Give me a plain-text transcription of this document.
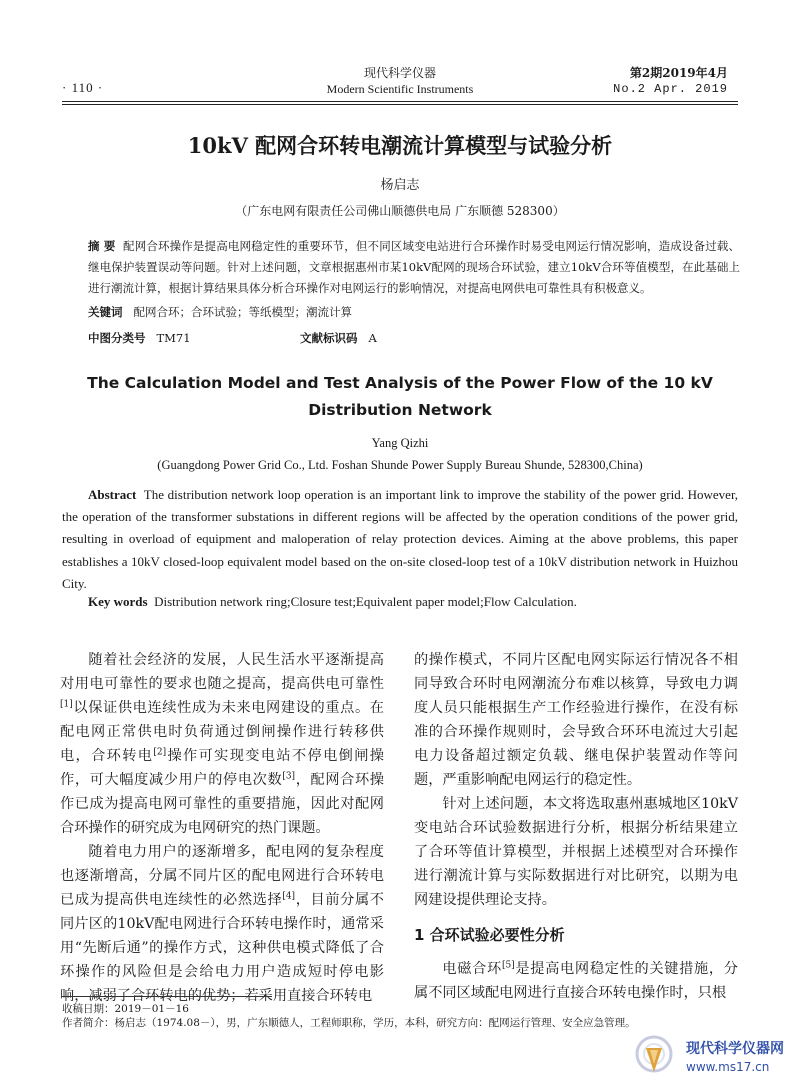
· 110 ·
现代科学仪器
Modern Scientific Instruments
第2期2019年4月
No.2 Apr. 2019
10kV 配网合环转电潮流计算模型与试验分析
杨启志
（广东电网有限责任公司佛山顺德供电局 广东顺德 528300）
摘 要 配网合环操作是提高电网稳定性的重要环节，但不同区域变电站进行合环操作时易受电网运行情况影响，造成设备过载、继电保护装置误动等问题。针对上述问题，文章根据惠州市某10kV配网的现场合环试验，建立10kV合环等值模型，在此基础上进行潮流计算，根据计算结果具体分析合环操作对电网运行的影响情况，对提高电网供电可靠性具有积极意义。
关键词 配网合环；合环试验；等纸模型；潮流计算
中图分类号 TM71	文献标识码 A
The Calculation Model and Test Analysis of the Power Flow of the 10 kV Distribution Network
Yang Qizhi
(Guangdong Power Grid Co., Ltd. Foshan Shunde Power Supply Bureau Shunde, 528300,China)
Abstract The distribution network loop operation is an important link to improve the stability of the power grid. However, the operation of the transformer substations in different regions will be affected by the operation conditions of the power grid, resulting in overload of equipment and maloperation of relay protection devices. Aiming at the above problems, this paper establishes a 10kV closed-loop equivalent model based on the on-site closed-loop test of a 10kV distribution network in Huizhou City.
Key words Distribution network ring;Closure test;Equivalent paper model;Flow Calculation.

随着社会经济的发展，人民生活水平逐渐提高对用电可靠性的要求也随之提高，提高供电可靠性[1]以保证供电连续性成为未来电网建设的重点。在配电网正常供电时负荷通过倒闸操作进行转移供电，合环转电[2]操作可实现变电站不停电倒闸操作，可大幅度减少用户的停电次数[3]，配网合环操作已成为提高电网可靠性的重要措施，因此对配网合环操作的研究成为电网研究的热门课题。

随着电力用户的逐渐增多，配电网的复杂程度也逐渐增高，分属不同片区的配电网进行合环转电已成为提高供电连续性的必然选择[4]，目前分属不同片区的10kV配电网进行合环转电操作时，通常采用“先断后通”的操作方式，这种供电模式降低了合环操作的风险但是会给电力用户造成短时停电影响，减弱了合环转电的优势；若采用直接合环转电

的操作模式，不同片区配电网实际运行情况各不相同导致合环时电网潮流分布难以核算，导致电力调度人员只能根据生产工作经验进行操作，在没有标准的合环操作规则时，会导致合环环电流过大引起电力设备超过额定负载、继电保护装置动作等问题，严重影响配电网运行的稳定性。

针对上述问题，本文将选取惠州惠城地区10kV变电站合环试验数据进行分析，根据分析结果建立了合环等值计算模型，并根据上述模型对合环操作进行潮流计算与实际数据进行对比研究，以期为电网建设提供理论支持。

1 合环试验必要性分析

电磁合环[5]是提高电网稳定性的关键措施，分属不同区域配电网进行直接合环转电操作时，只根

收稿日期：2019－01－16
作者简介：杨启志（1974.08－），男，广东顺德人，工程师职称，学历，本科，研究方向：配网运行管理、安全应急管理。
现代科学仪器网
www.ms17.cn
